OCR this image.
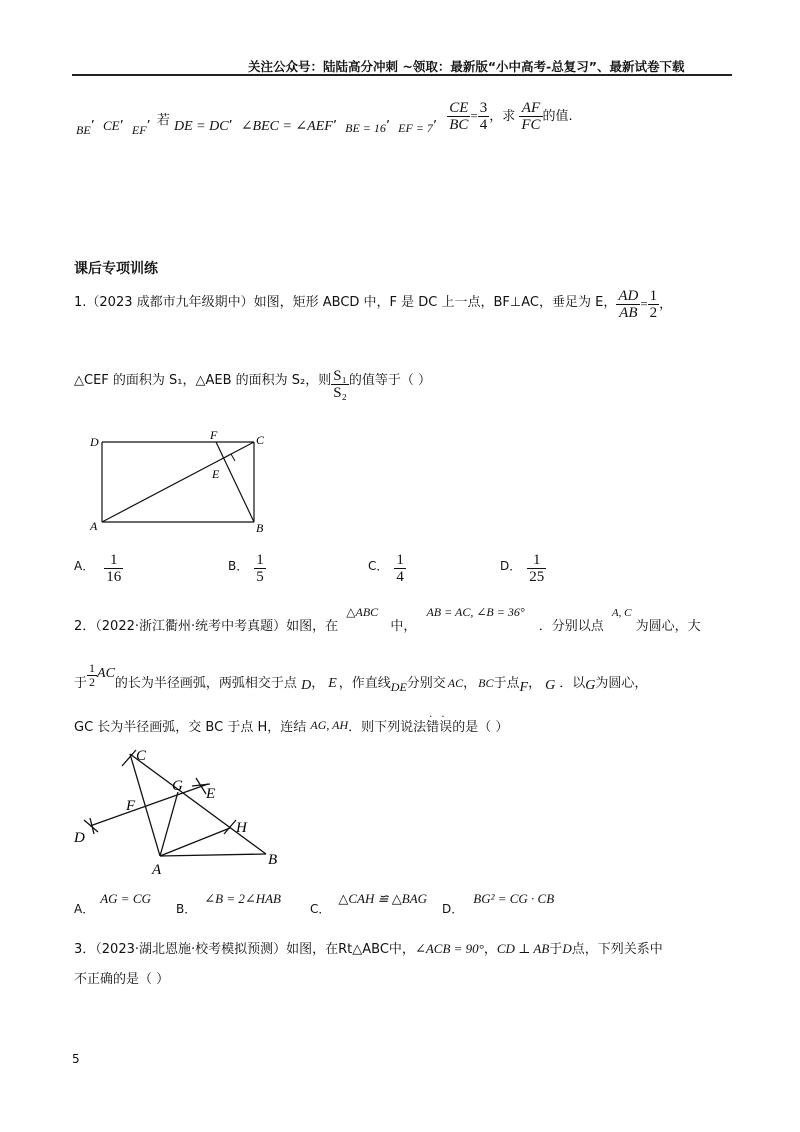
关注公众号：陆陆高分冲刺 ~领取：最新版“小中高考-总复习”、最新试卷下载
BE’ CE’ EF’ 若 DE = DC’ ∠BEC = ∠AEF’ BE = 16’ EF = 7’ $\frac{CE}{BC} = \frac{3}{4}$ ，求 $\frac{AF}{FC}$ 的值.
课后专项训练
1.（2023 成都市九年级期中）如图，矩形 ABCD 中，F 是 DC 上一点，BF⊥AC，垂足为 E， $\frac{AD}{AB} = \frac{1}{2}$ ，
△CEF 的面积为 S₁，△AEB 的面积为 S₂，则 $\frac{\text{S₁}}{\text{S₂}}$ 的值等于（ ）
D	C
F
E
A	B
A． $\frac{1}{16}$	B． $\frac{1}{5}$	C． $\frac{1}{4}$	D． $\frac{1}{25}$
2．（2022·浙江衢州·统考中考真题）如图，在 △ABC 中， AB = AC, ∠B = 36° ．分别以点 $^{A, C}$ 为圆心，大
于 $\frac{1}{2}$ AC的长为半径画弧，两弧相交于点 D， E ，作直线DE分别交 AC， BC于点F， G ．以G为圆心，
GC 长为半径画弧，交 BC 于点 H，连结 AG, AH．则下列说法错误
··
的是（ ）
C
G E
F
H
D
A
B
A．AG = CG
B．∠B = 2∠HAB
C．△CAH ≌ △BAG
D．BG² = CG · CB
3．（2023·湖北恩施·校考模拟预测）如图，在Rt△ABC中，∠ACB = 90°，CD ⊥ AB于D点，下列关系中
不正确的是（ ）
5
